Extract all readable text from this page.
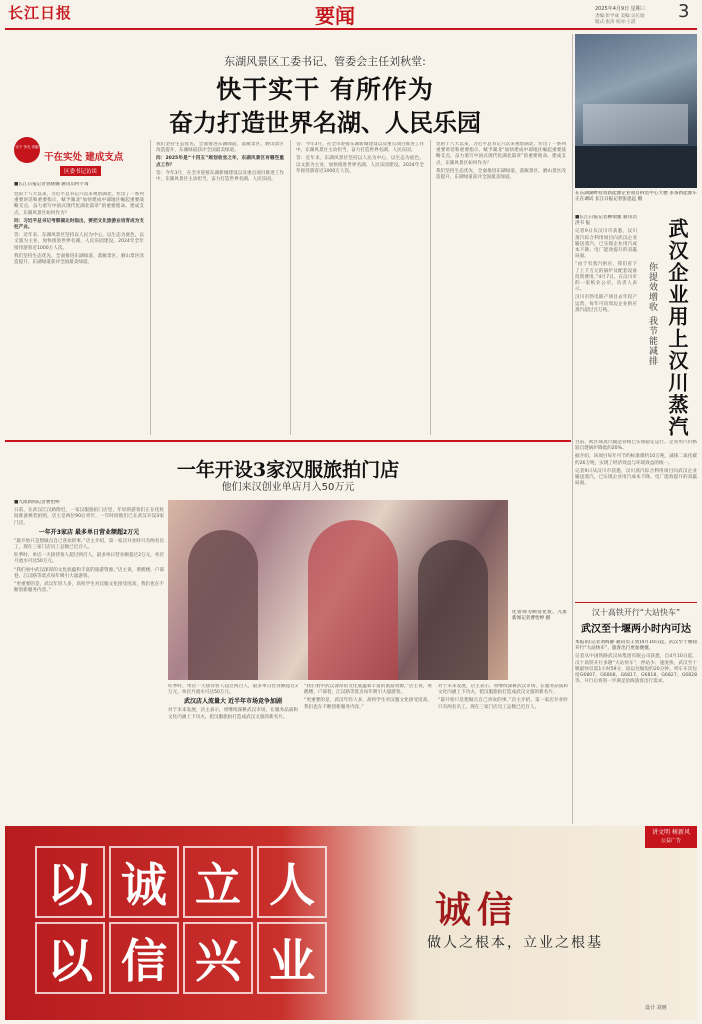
长江日报	要闻	2025年4月9日 星期三 3
责编:彭学成 美编:吴长灿
版式:张涛 校对:王湛
东湖风景区工委书记、管委会主任刘秋堂:
快干实干 有所作为
奋力打造世界名湖、人民乐园
实干 争先 奔跑
干在实处 建成支点
区委书记访谈
■长江日报记者曾晓璐 通讯员何宇琦

党的十八大以来，习近平总书记六次来视察湖北，作出了一系列重要讲话和重要指示，赋予湖北“加快建成中部地区崛起重要战略支点，奋力谱写中国式现代化湖北篇章”的重要使命。建成支点，东湖风景区如何作为？

问：习近平总书记考察湖北时指出，要把文化旅游业培育成为支柱产业。

答：近年来，东湖风景区坚持以人民为中心，以生态为底色，以文旅为主业，加快推进世界名湖、人民乐园建设。2024年全年接待游客近1000万人次。

我们坚持生态优先，全面推进东湖绿道、落雁景区、磨山景区改造提升，东湖绿道获评全国最美绿道。

我们坚持生态优先，全面推进东湖绿道、落雁景区、磨山景区改造提升，东湖绿道获评全国最美绿道。

问：2025年是“十四五”规划收官之年，东湖风景区有哪些重点工作？

答：今年3月，在全市迎接东湖新城建设以及重点项目推进工作中，东湖风景区主动担当，奋力打造世界名湖、人民乐园。

答：今年3月，在全市迎接东湖新城建设以及重点项目推进工作中，东湖风景区主动担当，奋力打造世界名湖、人民乐园。

答：近年来，东湖风景区坚持以人民为中心，以生态为底色，以文旅为主业，加快推进世界名湖、人民乐园建设。2024年全年接待游客近1000万人次。

党的十八大以来，习近平总书记六次来视察湖北，作出了一系列重要讲话和重要指示，赋予湖北“加快建成中部地区崛起重要战略支点，奋力谱写中国式现代化湖北篇章”的重要使命。建成支点，东湖风景区如何作为？

我们坚持生态优先，全面推进东湖绿道、落雁景区、磨山景区改造提升，东湖绿道获评全国最美绿道。

在东湖湖畔投资新能源企业项目拆装中心大楼 多条新能源车正在调试 长江日报记者张思远 摄
武汉企业用上汉川蒸汽
你提效增收 我节能减排

■长江日报记者柳瑞媛 通讯员洪韦 报

记者9日从汉川市获悉，汉川蒸汽综合利用项目向武汉企业输送蒸汽，已实现企业用汽成本下降、电厂能效提升的双赢局面。

“由于有蒸汽供应，我们省下了上千万元的锅炉及配套设备投资费用。”4月7日，在汉川市的一家纸业公司，负责人表示。

汉川市热电联产项目去年投产运营，每年可向周边企业供应蒸汽超过百万吨。

目前，跨区域蒸汽输送管线已实现稳定运行。企业用汽价格较自建锅炉降低约20%。

据介绍，该项目每年可节约标准煤约10万吨，减排二氧化碳约26万吨，实现了经济效益与环境效益的统一。

记者9日从汉川市获悉，汉川蒸汽综合利用项目向武汉企业输送蒸汽，已实现企业用汽成本下降、电厂能效提升的双赢局面。

汉十高铁开行“大站快车”
武汉至十堰两小时内可达

本报讯(记者刘海静 通讯员王勇)4月10日起，武汉至十堰间开行“大站快车”，旅客出行更加便捷。

记者从中国铁路武汉局集团有限公司获悉，自4月10日起，汉十高铁开行多趟“大站快车”，停站少、速度快，武汉至十堰最快仅需1小时59分，较以往缩短约20分钟。列车车次包括G6807、G6808、G6817、G6818、G6827、G6828等，开行后将进一步满足沿线旅客出行需求。

一年开设3家汉服旅拍门店
他们来汉创业单店月入50万元

■九派新闻记者曹怡婷

日前，在武汉江汉路附近，一家汉服旅拍门店里，年轻的游客们正在化妆间准备换装拍照。店主是两位90后青年，一年时间他们已在武汉开设3家门店。

一年开3家店 最多单日营业额超2万元

“最开始只是想做点自己喜欢的事。”店主介绍，第一家店开业时只有两名员工，现在三家门店员工总数已近百人。

旺季时，单店一天接待客人超过两百人，最多单日营业额超过2万元，单店月流水可达50万元。

“我们看中武汉深厚的文化底蕴和丰富的旅游资源。”店主说，黄鹤楼、户部巷、江汉路等景点每年吸引大量游客。

“更重要的是，武汉年轻人多，高校学生对汉服文化接受度高，我们也在不断创新服务内容。”

化妆师为顾客化妆。九派新闻记者曹怡婷 摄

旺季时，单店一天接待客人超过两百人，最多单日营业额超过2万元，单店月流水可达50万元。

武汉店人流量大 近半年市场竞争加剧

对于未来发展，店主表示，将继续深耕武汉市场，在服务品质和文化内涵上下功夫，把汉服旅拍打造成武汉文旅的新名片。

“我们看中武汉深厚的文化底蕴和丰富的旅游资源。”店主说，黄鹤楼、户部巷、江汉路等景点每年吸引大量游客。

“更重要的是，武汉年轻人多，高校学生对汉服文化接受度高，我们也在不断创新服务内容。”

对于未来发展，店主表示，将继续深耕武汉市场，在服务品质和文化内涵上下功夫，把汉服旅拍打造成武汉文旅的新名片。

“最开始只是想做点自己喜欢的事。”店主介绍，第一家店开业时只有两名员工，现在三家门店员工总数已近百人。

以 诚 立 人
以 信 兴 业
诚信
做人之根本，立业之根基
讲文明 树新风
公益广告
设计 刘画
